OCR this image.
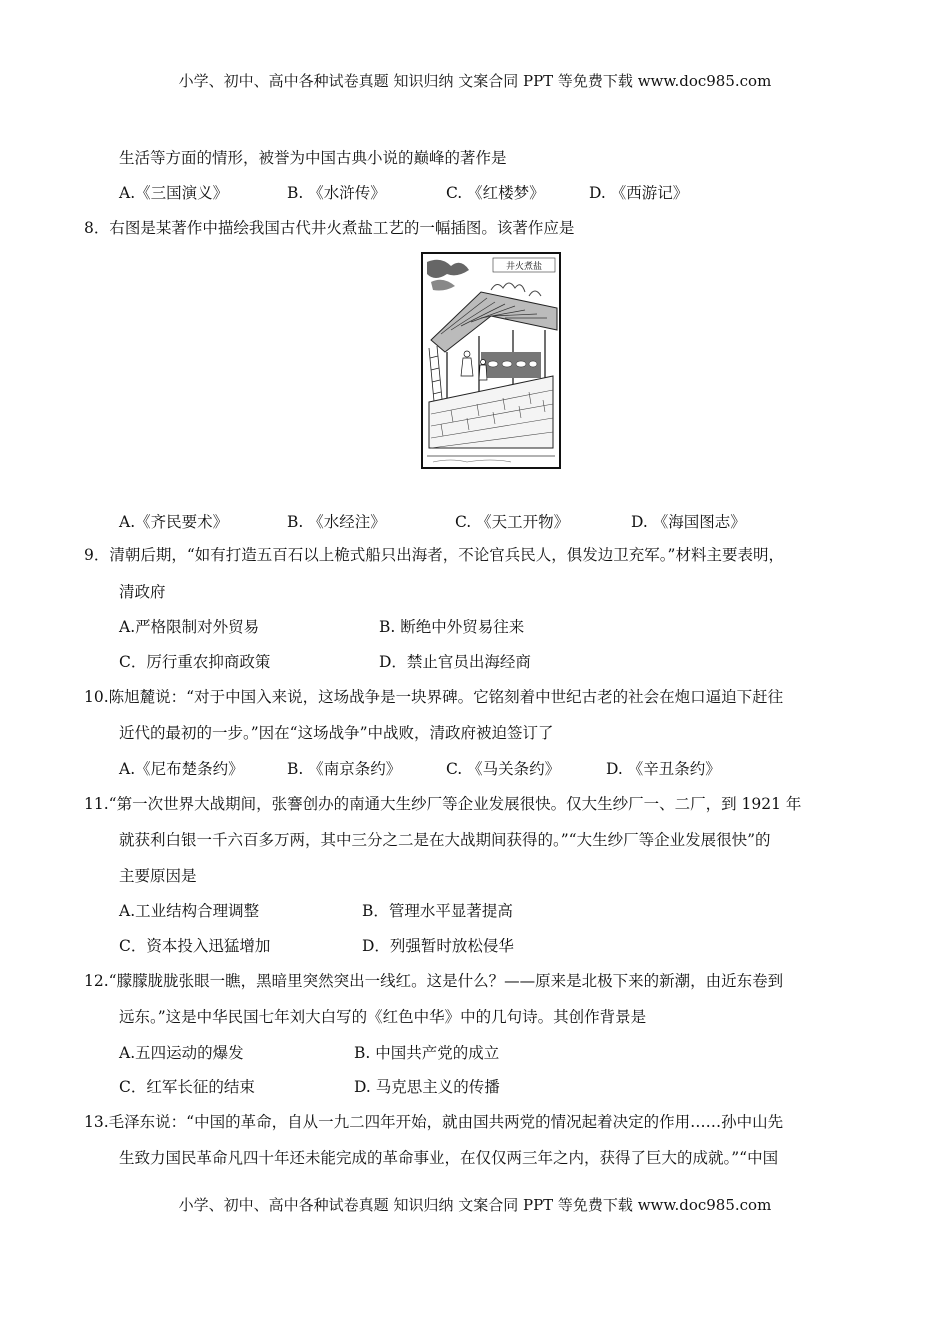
小学、初中、高中各种试卷真题 知识归纳 文案合同 PPT 等免费下载 www.doc985.com
生活等方面的情形，被誉为中国古典小说的巅峰的著作是
A.《三国演义》	B. 《水浒传》	C. 《红楼梦》	D. 《西游记》
8．右图是某著作中描绘我国古代井火煮盐工艺的一幅插图。该著作应是
井火煮盐
A.《齐民要术》	B. 《水经注》	C. 《天工开物》	D. 《海国图志》
9．清朝后期，“如有打造五百石以上桅式船只出海者，不论官兵民人，俱发边卫充军。”材料主要表明，
清政府
A.严格限制对外贸易	B. 断绝中外贸易往来
C．厉行重农抑商政策	D．禁止官员出海经商
10.陈旭麓说：“对于中国入来说，这场战争是一块界碑。它铭刻着中世纪古老的社会在炮口逼迫下赶往
近代的最初的一步。”因在“这场战争”中战败，清政府被迫签订了
A.《尼布楚条约》	B. 《南京条约》	C. 《马关条约》	D. 《辛丑条约》
11.“第一次世界大战期间，张謇创办的南通大生纱厂等企业发展很快。仅大生纱厂一、二厂，到 1921 年
就获利白银一千六百多万两，其中三分之二是在大战期间获得的。”“大生纱厂等企业发展很快”的
主要原因是
A.工业结构合理调整	B．管理水平显著提高
C．资本投入迅猛增加	D．列强暂时放松侵华
12.“朦朦胧胧张眼一瞧，黑暗里突然突出一线红。这是什么？——原来是北极下来的新潮，由近东卷到
远东。”这是中华民国七年刘大白写的《红色中华》中的几句诗。其创作背景是
A.五四运动的爆发	B. 中国共产党的成立
C．红军长征的结束	D. 马克思主义的传播
13.毛泽东说：“中国的革命，自从一九二四年开始，就由国共两党的情况起着决定的作用……孙中山先
生致力国民革命凡四十年还未能完成的革命事业，在仅仅两三年之内，获得了巨大的成就。”“中国
小学、初中、高中各种试卷真题 知识归纳 文案合同 PPT 等免费下载 www.doc985.com
